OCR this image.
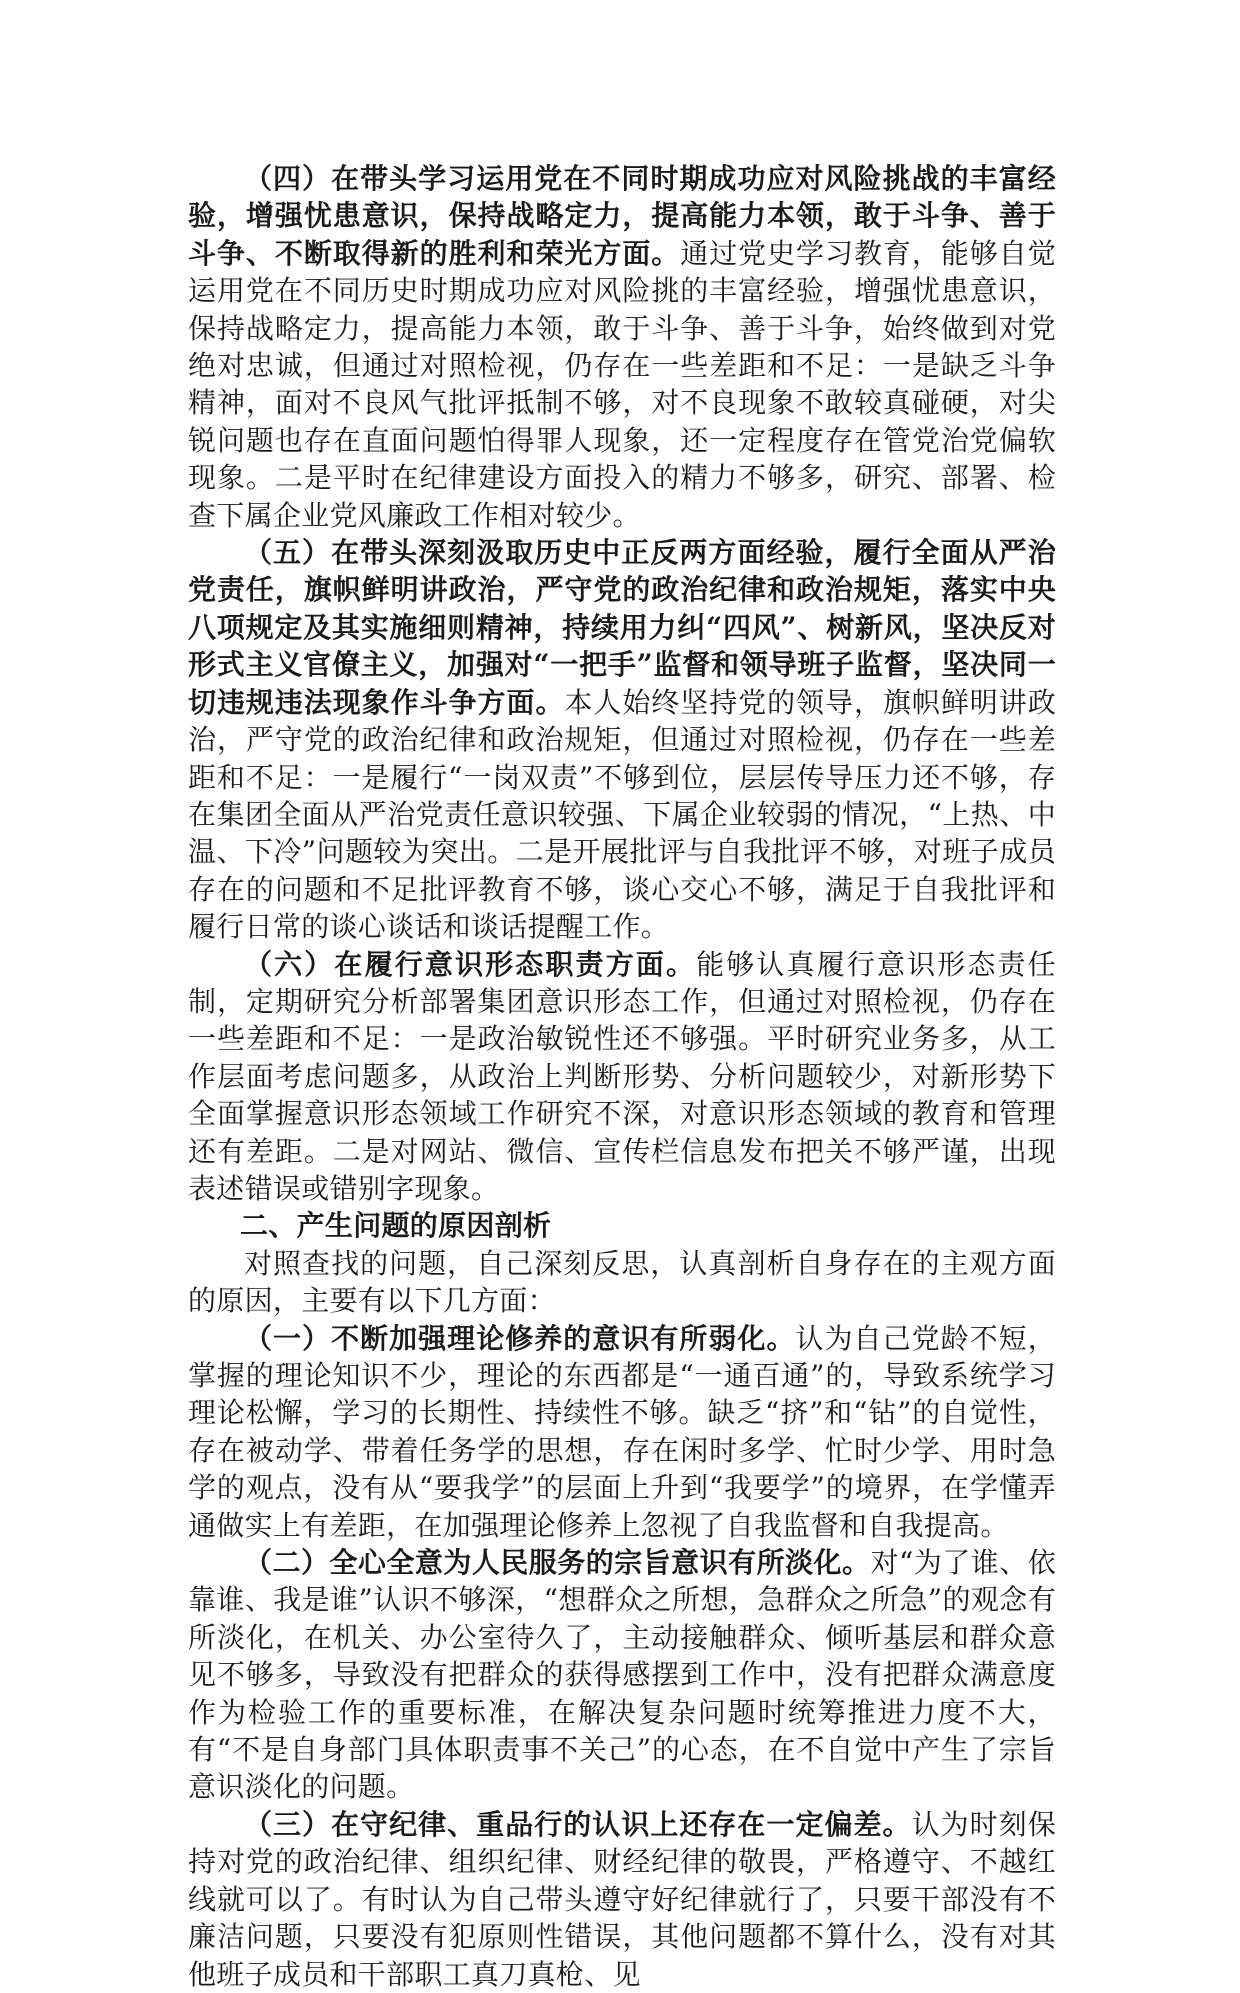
（四）在带头学习运用党在不同时期成功应对风险挑战的丰富经验，增强忧患意识，保持战略定力，提高能力本领，敢于斗争、善于斗争、不断取得新的胜利和荣光方面。通过党史学习教育，能够自觉运用党在不同历史时期成功应对风险挑的丰富经验，增强忧患意识，保持战略定力，提高能力本领，敢于斗争、善于斗争，始终做到对党绝对忠诚，但通过对照检视，仍存在一些差距和不足：一是缺乏斗争精神，面对不良风气批评抵制不够，对不良现象不敢较真碰硬，对尖锐问题也存在直面问题怕得罪人现象，还一定程度存在管党治党偏软现象。二是平时在纪律建设方面投入的精力不够多，研究、部署、检查下属企业党风廉政工作相对较少。

（五）在带头深刻汲取历史中正反两方面经验，履行全面从严治党责任，旗帜鲜明讲政治，严守党的政治纪律和政治规矩，落实中央八项规定及其实施细则精神，持续用力纠“四风”、树新风，坚决反对形式主义官僚主义，加强对“一把手”监督和领导班子监督，坚决同一切违规违法现象作斗争方面。本人始终坚持党的领导，旗帜鲜明讲政治，严守党的政治纪律和政治规矩，但通过对照检视，仍存在一些差距和不足：一是履行“一岗双责”不够到位，层层传导压力还不够，存在集团全面从严治党责任意识较强、下属企业较弱的情况，“上热、中温、下冷”问题较为突出。二是开展批评与自我批评不够，对班子成员存在的问题和不足批评教育不够，谈心交心不够，满足于自我批评和履行日常的谈心谈话和谈话提醒工作。

（六）在履行意识形态职责方面。能够认真履行意识形态责任制，定期研究分析部署集团意识形态工作，但通过对照检视，仍存在一些差距和不足：一是政治敏锐性还不够强。平时研究业务多，从工作层面考虑问题多，从政治上判断形势、分析问题较少，对新形势下全面掌握意识形态领域工作研究不深，对意识形态领域的教育和管理还有差距。二是对网站、微信、宣传栏信息发布把关不够严谨，出现表述错误或错别字现象。

二、产生问题的原因剖析

对照查找的问题，自己深刻反思，认真剖析自身存在的主观方面的原因，主要有以下几方面：

（一）不断加强理论修养的意识有所弱化。认为自己党龄不短，掌握的理论知识不少，理论的东西都是“一通百通”的，导致系统学习理论松懈，学习的长期性、持续性不够。缺乏“挤”和“钻”的自觉性，存在被动学、带着任务学的思想，存在闲时多学、忙时少学、用时急学的观点，没有从“要我学”的层面上升到“我要学”的境界，在学懂弄通做实上有差距，在加强理论修养上忽视了自我监督和自我提高。

（二）全心全意为人民服务的宗旨意识有所淡化。对“为了谁、依靠谁、我是谁”认识不够深，“想群众之所想，急群众之所急”的观念有所淡化，在机关、办公室待久了，主动接触群众、倾听基层和群众意见不够多，导致没有把群众的获得感摆到工作中，没有把群众满意度作为检验工作的重要标准，在解决复杂问题时统筹推进力度不大，有“不是自身部门具体职责事不关己”的心态，在不自觉中产生了宗旨意识淡化的问题。

（三）在守纪律、重品行的认识上还存在一定偏差。认为时刻保持对党的政治纪律、组织纪律、财经纪律的敬畏，严格遵守、不越红线就可以了。有时认为自己带头遵守好纪律就行了，只要干部没有不廉洁问题，只要没有犯原则性错误，其他问题都不算什么，没有对其他班子成员和干部职工真刀真枪、见
